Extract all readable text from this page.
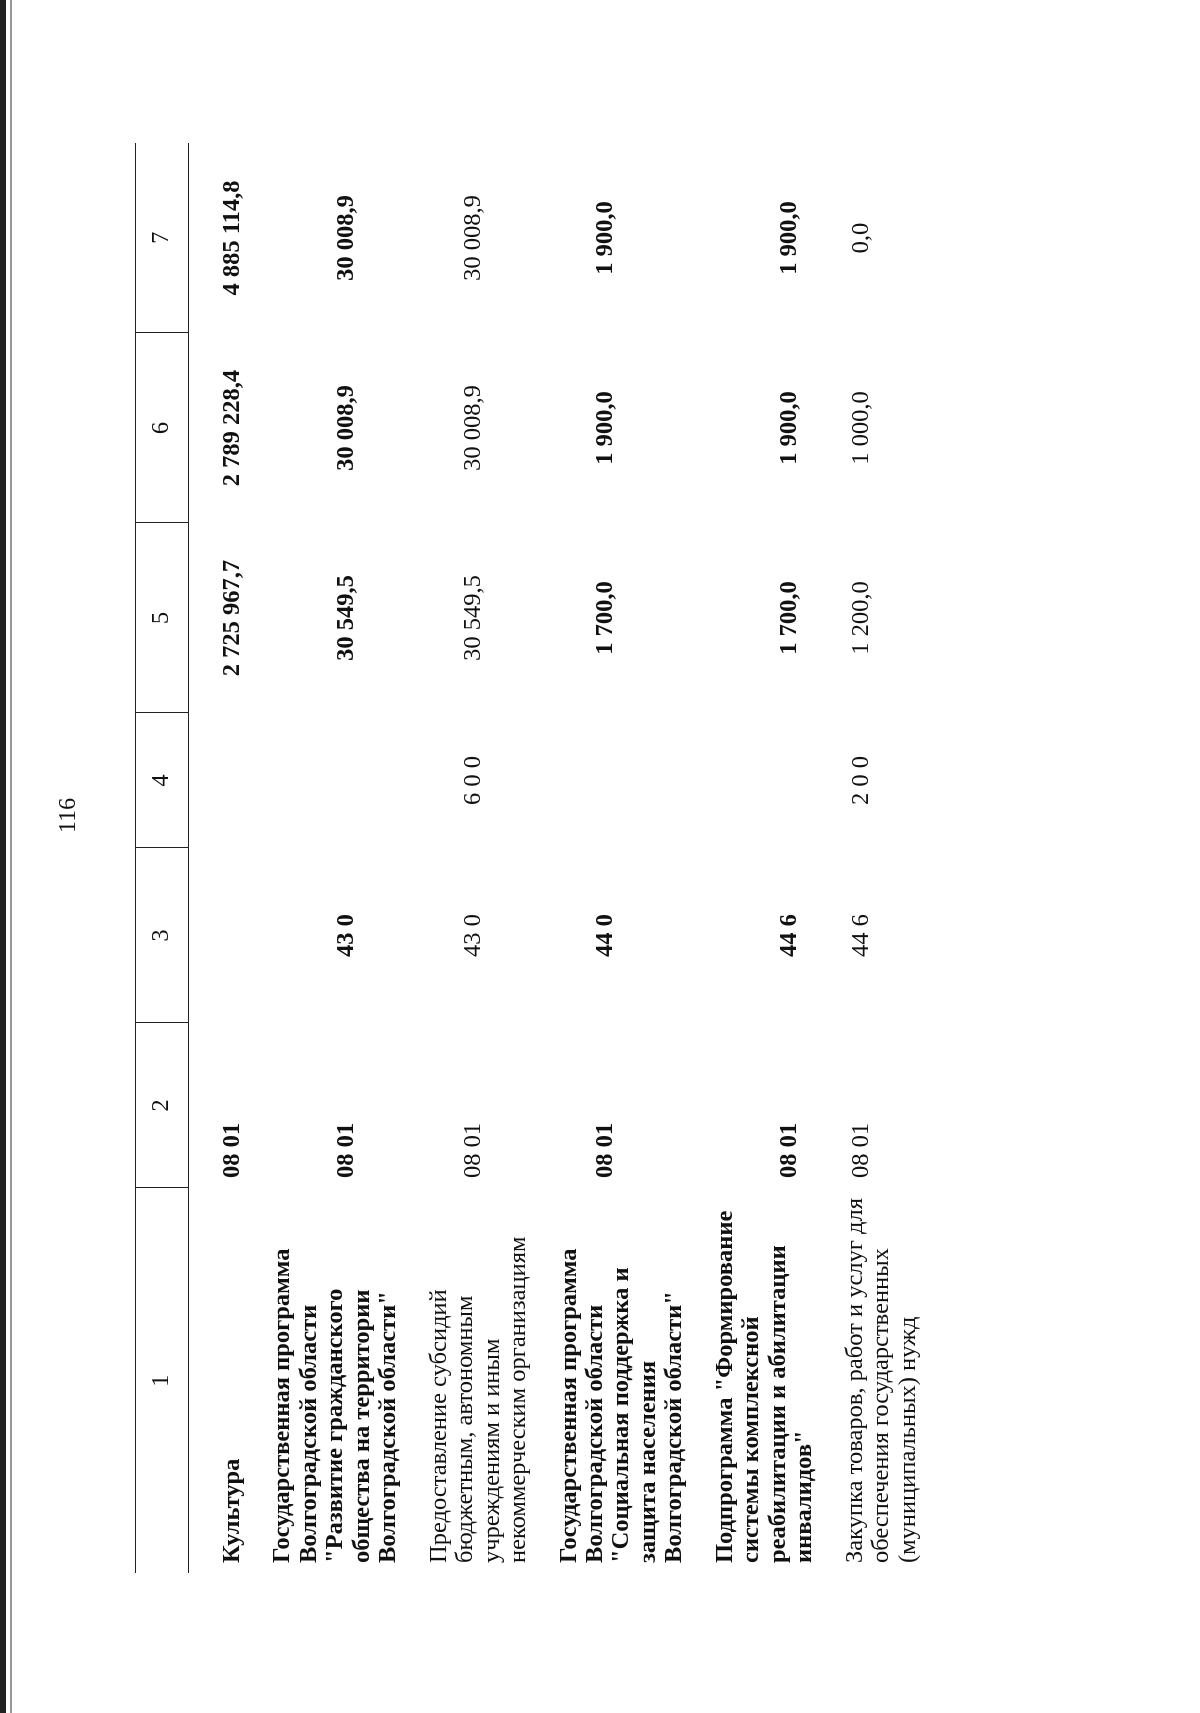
116
1	2	3	4	5	6	7
Культура	08 01			2 725 967,7	2 789 228,4	4 885 114,8
Государственная программа Волгоградской области "Развитие гражданского общества на территории Волгоградской области"	08 01	43 0		30 549,5	30 008,9	30 008,9
Предоставление субсидий бюджетным, автономным учреждениям и иным некоммерческим организациям	08 01	43 0	6 0 0	30 549,5	30 008,9	30 008,9
Государственная программа Волгоградской области "Социальная поддержка и защита населения Волгоградской области"	08 01	44 0		1 700,0	1 900,0	1 900,0
Подпрограмма "Формирование системы комплексной реабилитации и абилитации инвалидов"	08 01	44 6		1 700,0	1 900,0	1 900,0
Закупка товаров, работ и услуг для обеспечения государственных (муниципальных) нужд	08 01	44 6	2 0 0	1 200,0	1 000,0	0,0
